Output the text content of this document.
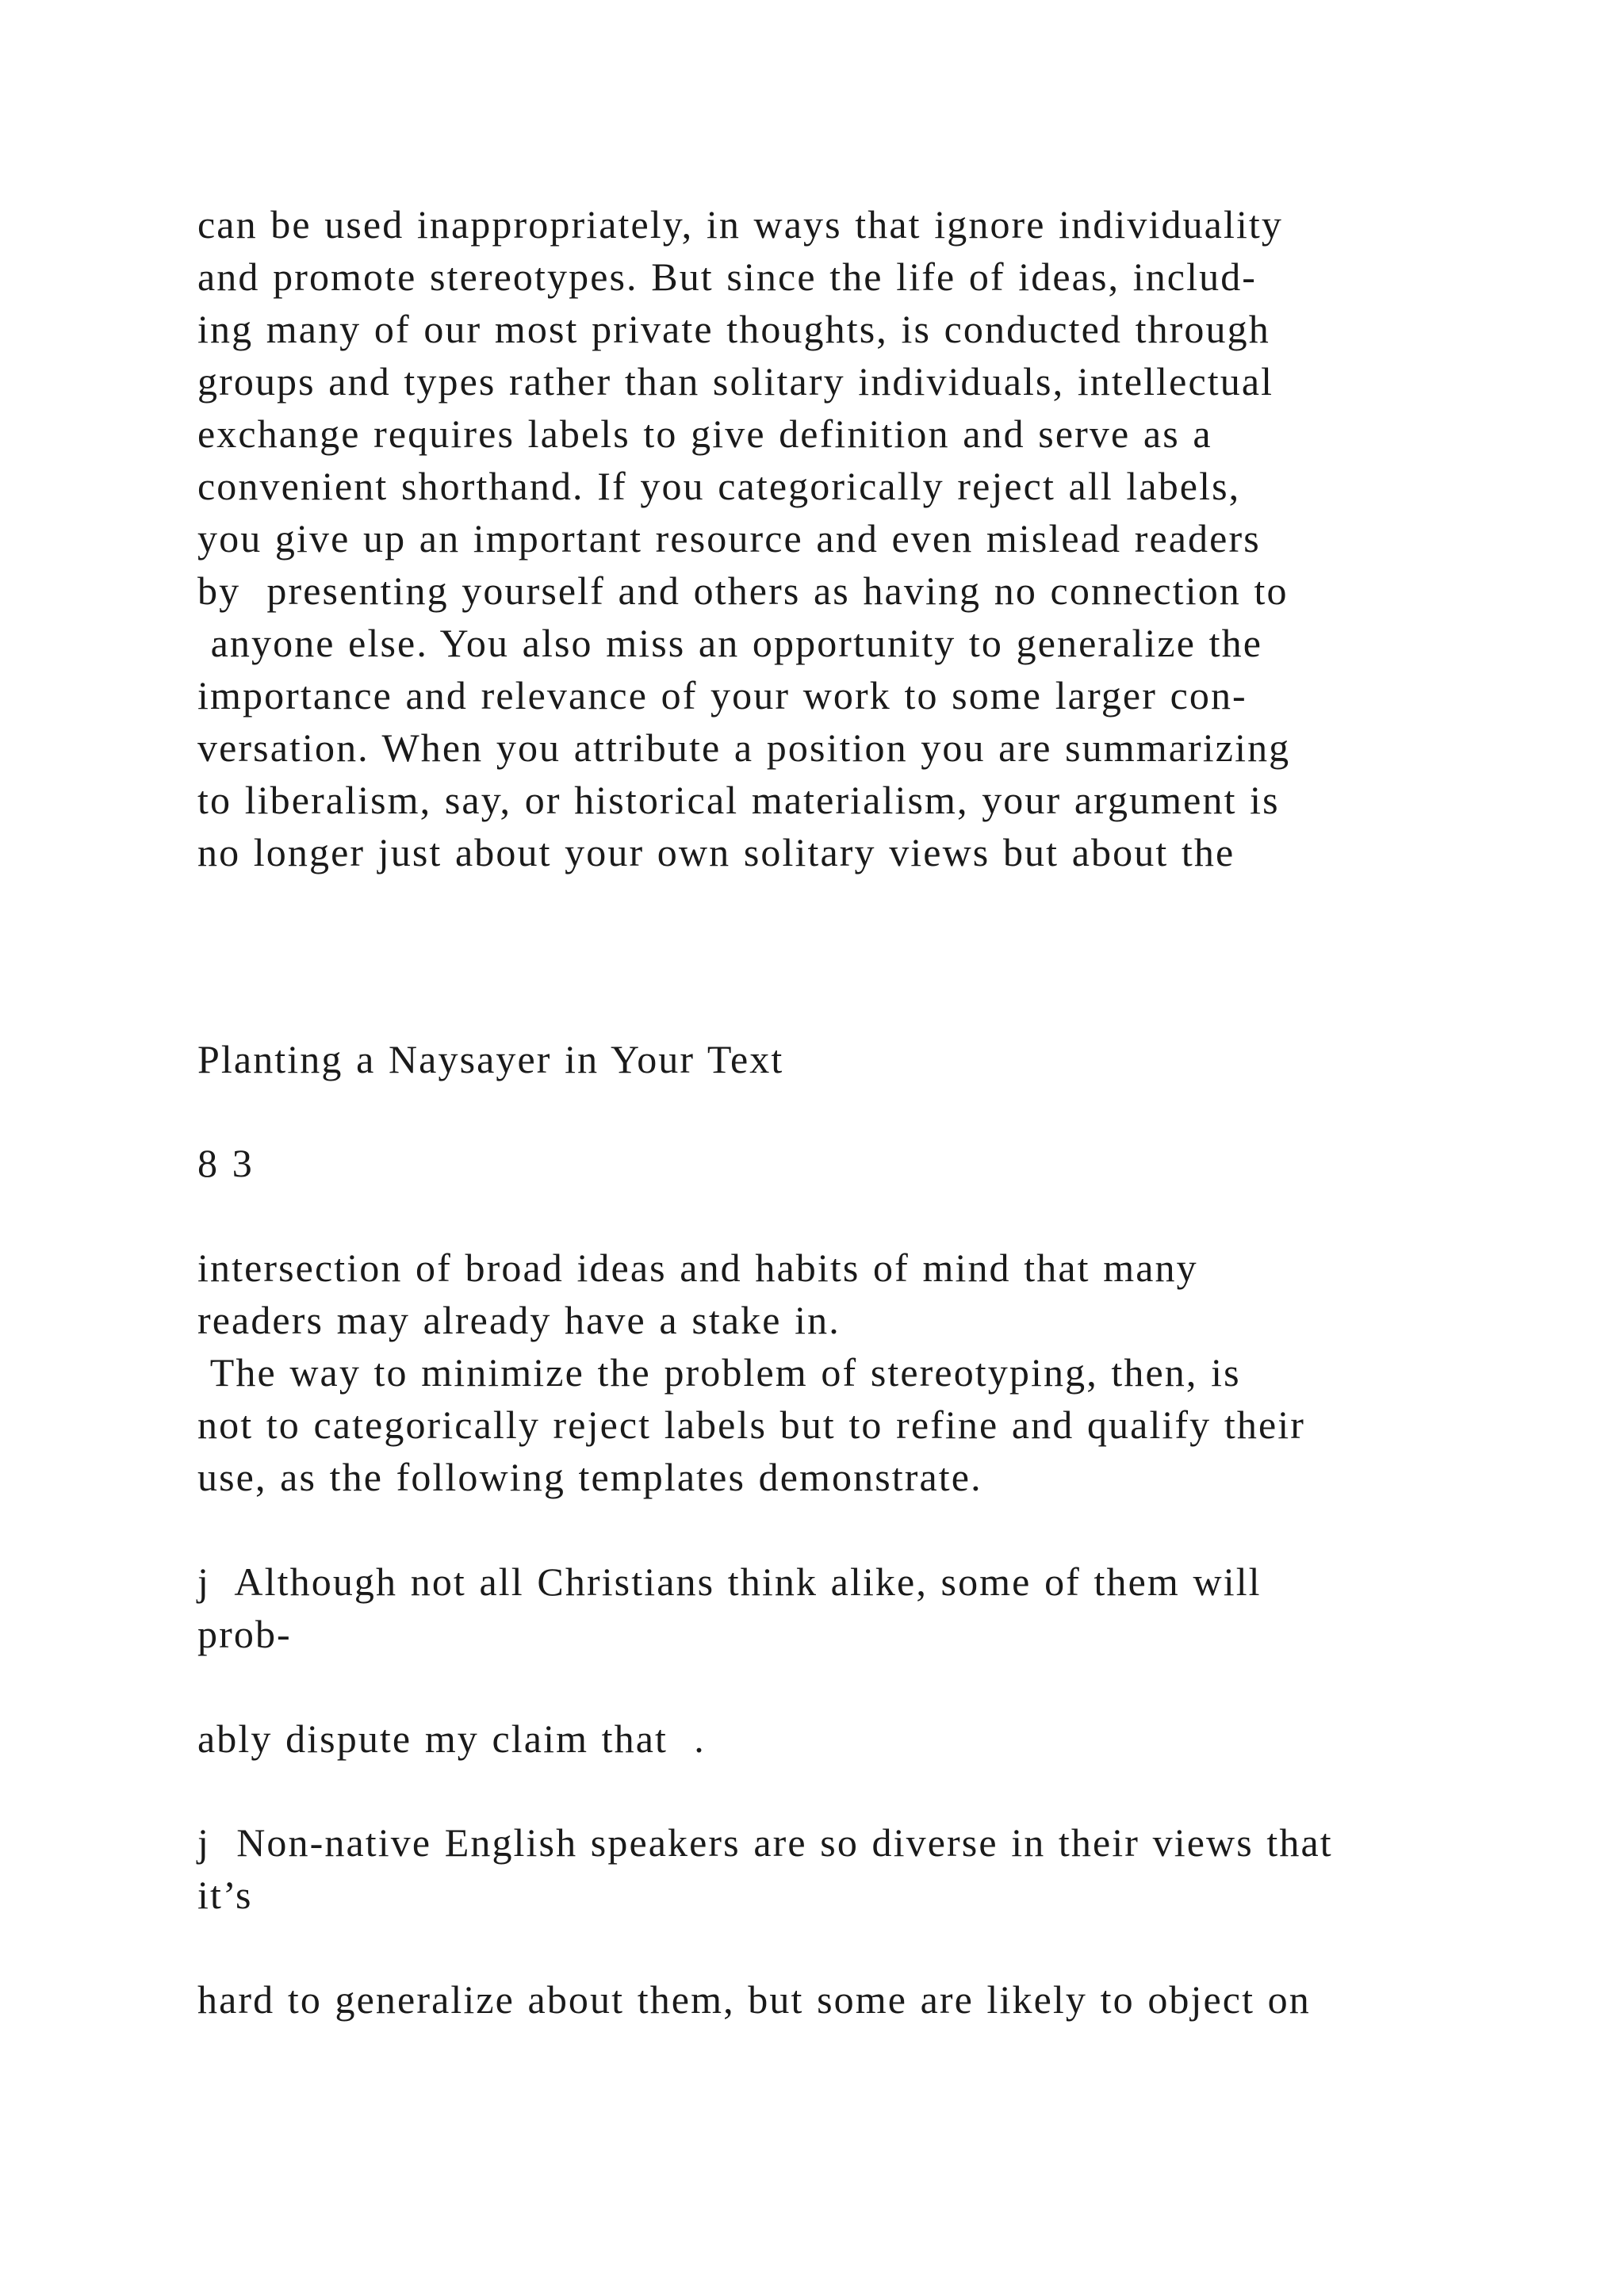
can be used inappropriately, in ways that ignore individuality

and promote stereotypes. But since the life of ideas, includ-

ing many of our most private thoughts, is conducted through

groups and types rather than solitary individuals, intellectual

exchange requires labels to give definition and serve as a

convenient shorthand. If you categorically reject all labels,

you give up an important resource and even mislead readers

by  presenting yourself and others as having no connection to

anyone else. You also miss an opportunity to generalize the

importance and relevance of your work to some larger con-

versation. When you attribute a position you are summarizing

to liberalism, say, or historical materialism, your argument is

no longer just about your own solitary views but about the

Planting a Naysayer in Your Text

8 3

intersection of broad ideas and habits of mind that many

readers may already have a stake in.

The way to minimize the problem of stereotyping, then, is

not to categorically reject labels but to refine and qualify their

use, as the following templates demonstrate.

j  Although not all Christians think alike, some of them will

prob-

ably dispute my claim that  .

j  Non-native English speakers are so diverse in their views that

it’s

hard to generalize about them, but some are likely to object on
